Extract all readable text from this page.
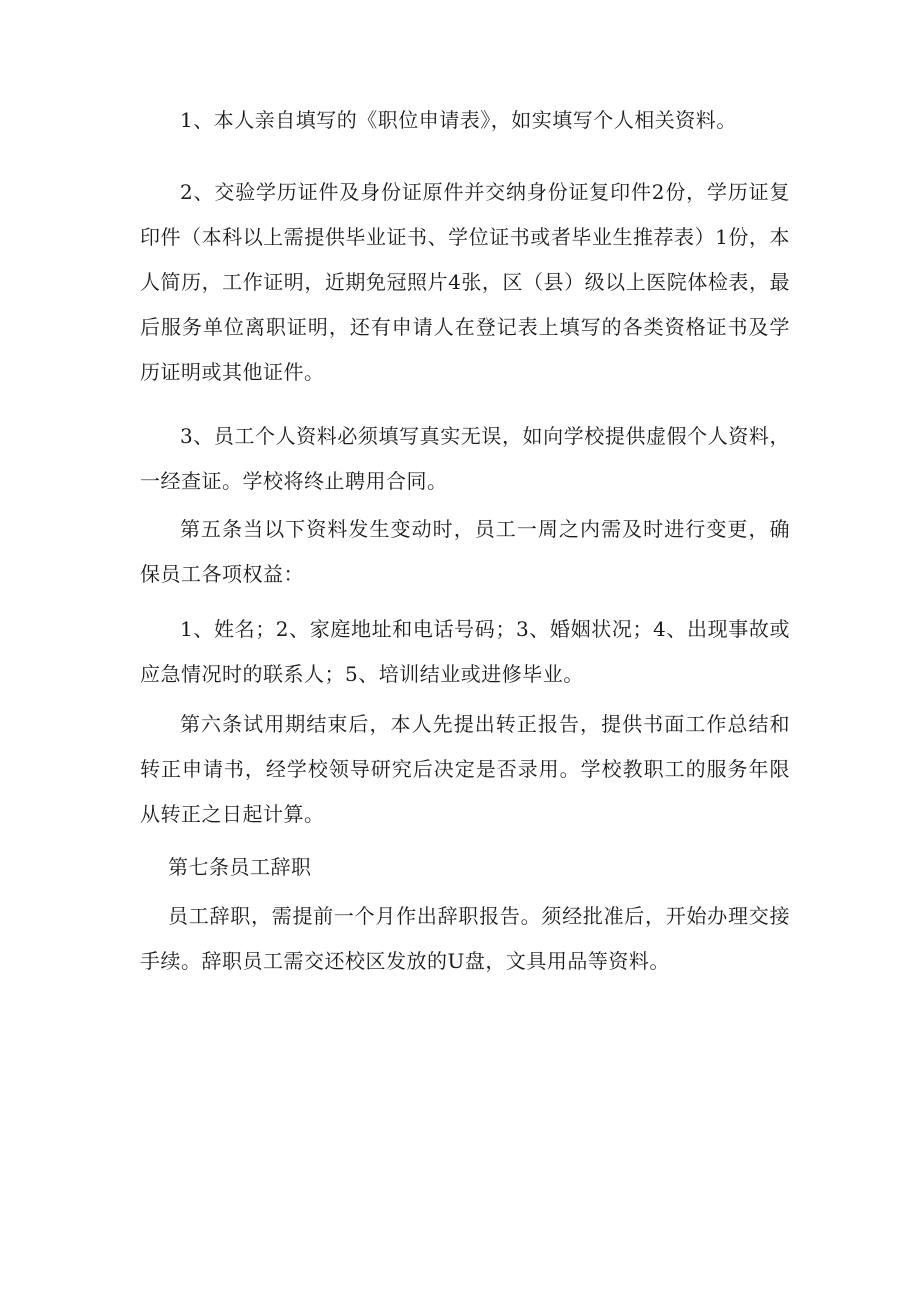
1、本人亲自填写的《职位申请表》，如实填写个人相关资料。

2、交验学历证件及身份证原件并交纳身份证复印件2份，学历证复印件（本科以上需提供毕业证书、学位证书或者毕业生推荐表）1份，本人简历，工作证明，近期免冠照片4张，区（县）级以上医院体检表，最后服务单位离职证明，还有申请人在登记表上填写的各类资格证书及学历证明或其他证件。

3、员工个人资料必须填写真实无误，如向学校提供虚假个人资料，一经查证。学校将终止聘用合同。

第五条当以下资料发生变动时，员工一周之内需及时进行变更，确保员工各项权益：

1、姓名；2、家庭地址和电话号码；3、婚姻状况；4、出现事故或应急情况时的联系人；5、培训结业或进修毕业。

第六条试用期结束后，本人先提出转正报告，提供书面工作总结和转正申请书，经学校领导研究后决定是否录用。学校教职工的服务年限从转正之日起计算。

第七条员工辞职

员工辞职，需提前一个月作出辞职报告。须经批准后，开始办理交接手续。辞职员工需交还校区发放的U盘，文具用品等资料。
